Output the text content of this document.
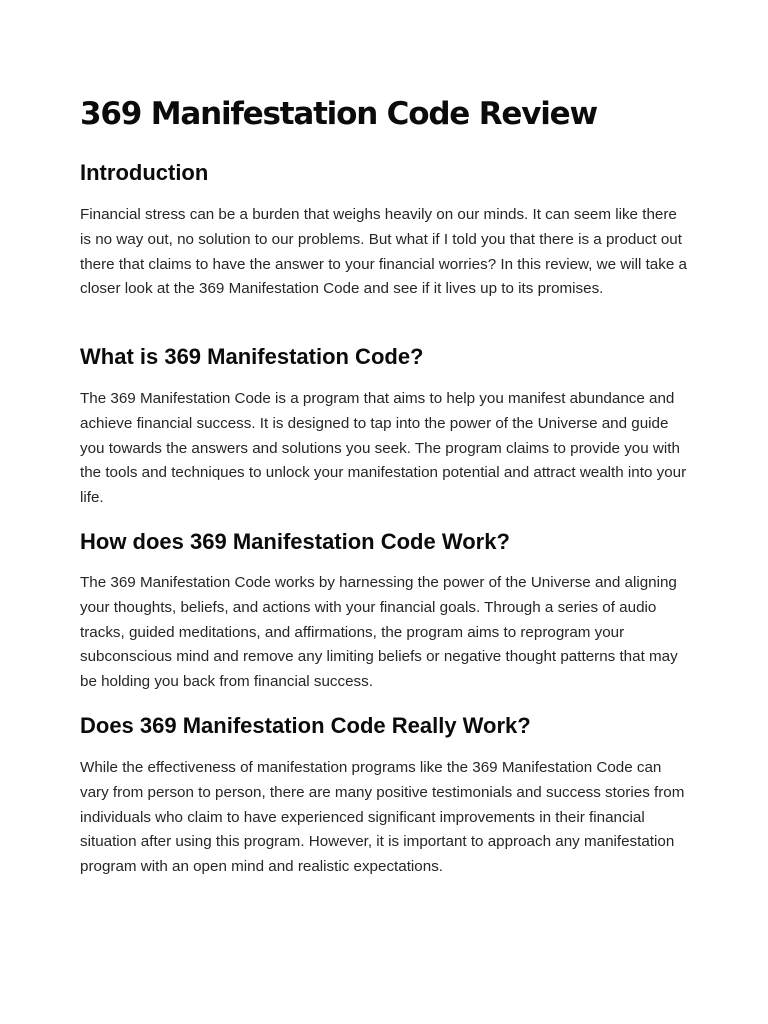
369 Manifestation Code Review
Introduction

Financial stress can be a burden that weighs heavily on our minds. It can seem like there is no way out, no solution to our problems. But what if I told you that there is a product out there that claims to have the answer to your financial worries? In this review, we will take a closer look at the 369 Manifestation Code and see if it lives up to its promises.

What is 369 Manifestation Code?

The 369 Manifestation Code is a program that aims to help you manifest abundance and achieve financial success. It is designed to tap into the power of the Universe and guide you towards the answers and solutions you seek. The program claims to provide you with the tools and techniques to unlock your manifestation potential and attract wealth into your life.

How does 369 Manifestation Code Work?

The 369 Manifestation Code works by harnessing the power of the Universe and aligning your thoughts, beliefs, and actions with your financial goals. Through a series of audio tracks, guided meditations, and affirmations, the program aims to reprogram your subconscious mind and remove any limiting beliefs or negative thought patterns that may be holding you back from financial success.

Does 369 Manifestation Code Really Work?

While the effectiveness of manifestation programs like the 369 Manifestation Code can vary from person to person, there are many positive testimonials and success stories from individuals who claim to have experienced significant improvements in their financial situation after using this program. However, it is important to approach any manifestation program with an open mind and realistic expectations.
